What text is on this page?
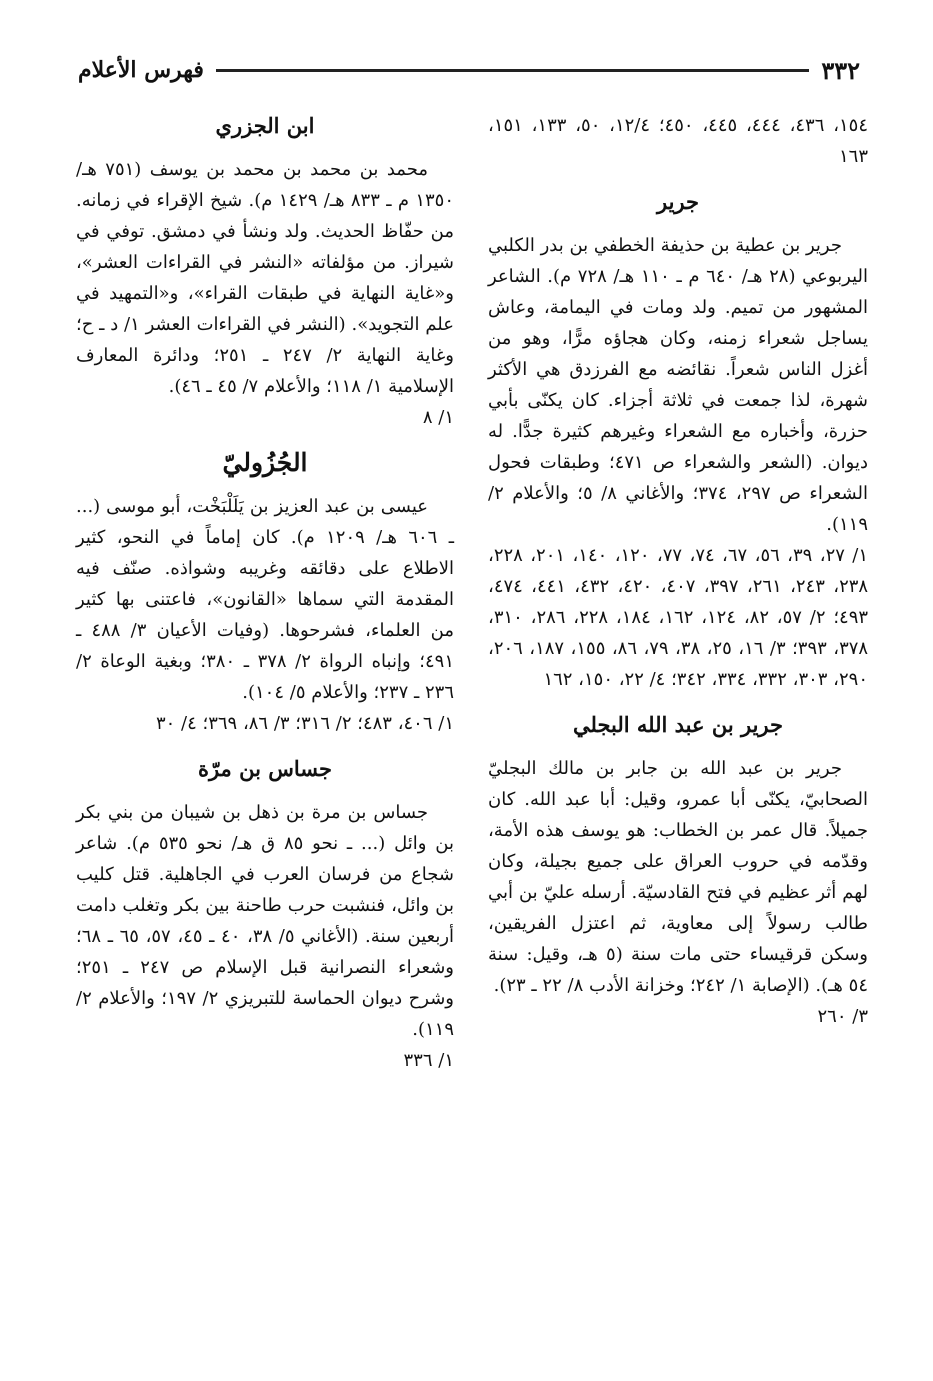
٣٣٢
فهرس الأعلام

١٥٤، ٤٣٦، ٤٤٤، ٤٤٥، ٤٥٠؛ ١٢/٤، ٥٠، ١٣٣، ١٥١، ١٦٣

جرير

جرير بن عطية بن حذيفة الخطفي بن بدر الكلبي اليربوعي (٢٨ هـ/ ٦٤٠ م ـ ١١٠ هـ/ ٧٢٨ م). الشاعر المشهور من تميم. ولد ومات في اليمامة، وعاش يساجل شعراء زمنه، وكان هجاؤه مرًّا، وهو من أغزل الناس شعراً. نقائضه مع الفرزدق هي الأكثر شهرة، لذا جمعت في ثلاثة أجزاء. كان يكنّى بأبي حزرة، وأخباره مع الشعراء وغيرهم كثيرة جدًّا. له ديوان. (الشعر والشعراء ص ٤٧١؛ وطبقات فحول الشعراء ص ٢٩٧، ٣٧٤؛ والأغاني ٨/ ٥؛ والأعلام ٢/ ١١٩).

١/ ٢٧، ٣٩، ٥٦، ٦٧، ٧٤، ٧٧، ١٢٠، ١٤٠، ٢٠١، ٢٢٨، ٢٣٨، ٢٤٣، ٢٦١، ٣٩٧، ٤٠٧، ٤٢٠، ٤٣٢، ٤٤١، ٤٧٤، ٤٩٣؛ ٢/ ٥٧، ٨٢، ١٢٤، ١٦٢، ١٨٤، ٢٢٨، ٢٨٦، ٣١٠، ٣٧٨، ٣٩٣؛ ٣/ ١٦، ٢٥، ٣٨، ٧٩، ٨٦، ١٥٥، ١٨٧، ٢٠٦، ٢٩٠، ٣٠٣، ٣٣٢، ٣٣٤، ٣٤٢؛ ٤/ ٢٢، ١٥٠، ١٦٢

جرير بن عبد الله البجلي

جرير بن عبد الله بن جابر بن مالك البجليّ الصحابيّ، يكنّى أبا عمرو، وقيل: أبا عبد الله. كان جميلاً. قال عمر بن الخطاب: هو يوسف هذه الأمة، وقدّمه في حروب العراق على جميع بجيلة، وكان لهم أثر عظيم في فتح القادسيّة. أرسله عليّ بن أبي طالب رسولاً إلى معاوية، ثم اعتزل الفريقين، وسكن قرقيساء حتى مات سنة (٥ هـ، وقيل: سنة ٥٤ هـ). (الإصابة ١/ ٢٤٢؛ وخزانة الأدب ٨/ ٢٢ ـ ٢٣).

٣/ ٢٦٠

ابن الجزري

محمد بن محمد بن محمد بن يوسف (٧٥١ هـ/ ١٣٥٠ م ـ ٨٣٣ هـ/ ١٤٢٩ م). شيخ الإقراء في زمانه. من حفّاظ الحديث. ولد ونشأ في دمشق. توفي في شيراز. من مؤلفاته «النشر في القراءات العشر»، و«غاية النهاية في طبقات القراء»، و«التمهيد في علم التجويد». (النشر في القراءات العشر ١/ د ـ ح؛ وغاية النهاية ٢/ ٢٤٧ ـ ٢٥١؛ ودائرة المعارف الإسلامية ١/ ١١٨؛ والأعلام ٧/ ٤٥ ـ ٤٦).

١/ ٨

الجُزُوليّ

عيسى بن عبد العزيز بن يَلَلْبَخْت، أبو موسى (... ـ ٦٠٦ هـ/ ١٢٠٩ م). كان إماماً في النحو، كثير الاطلاع على دقائقه وغريبه وشواذه. صنّف فيه المقدمة التي سماها «القانون»، فاعتنى بها كثير من العلماء، فشرحوها. (وفيات الأعيان ٣/ ٤٨٨ ـ ٤٩١؛ وإنباه الرواة ٢/ ٣٧٨ ـ ٣٨٠؛ وبغية الوعاة ٢/ ٢٣٦ ـ ٢٣٧؛ والأعلام ٥/ ١٠٤).

١/ ٤٠٦، ٤٨٣؛ ٢/ ٣١٦؛ ٣/ ٨٦، ٣٦٩؛ ٤/ ٣٠

جساس بن مرّة

جساس بن مرة بن ذهل بن شيبان من بني بكر بن وائل (... ـ نحو ٨٥ ق هـ/ نحو ٥٣٥ م). شاعر شجاع من فرسان العرب في الجاهلية. قتل كليب بن وائل، فنشبت حرب طاحنة بين بكر وتغلب دامت أربعين سنة. (الأغاني ٥/ ٣٨، ٤٠ ـ ٤٥، ٥٧، ٦٥ ـ ٦٨؛ وشعراء النصرانية قبل الإسلام ص ٢٤٧ ـ ٢٥١؛ وشرح ديوان الحماسة للتبريزي ٢/ ١٩٧؛ والأعلام ٢/ ١١٩).

١/ ٣٣٦
